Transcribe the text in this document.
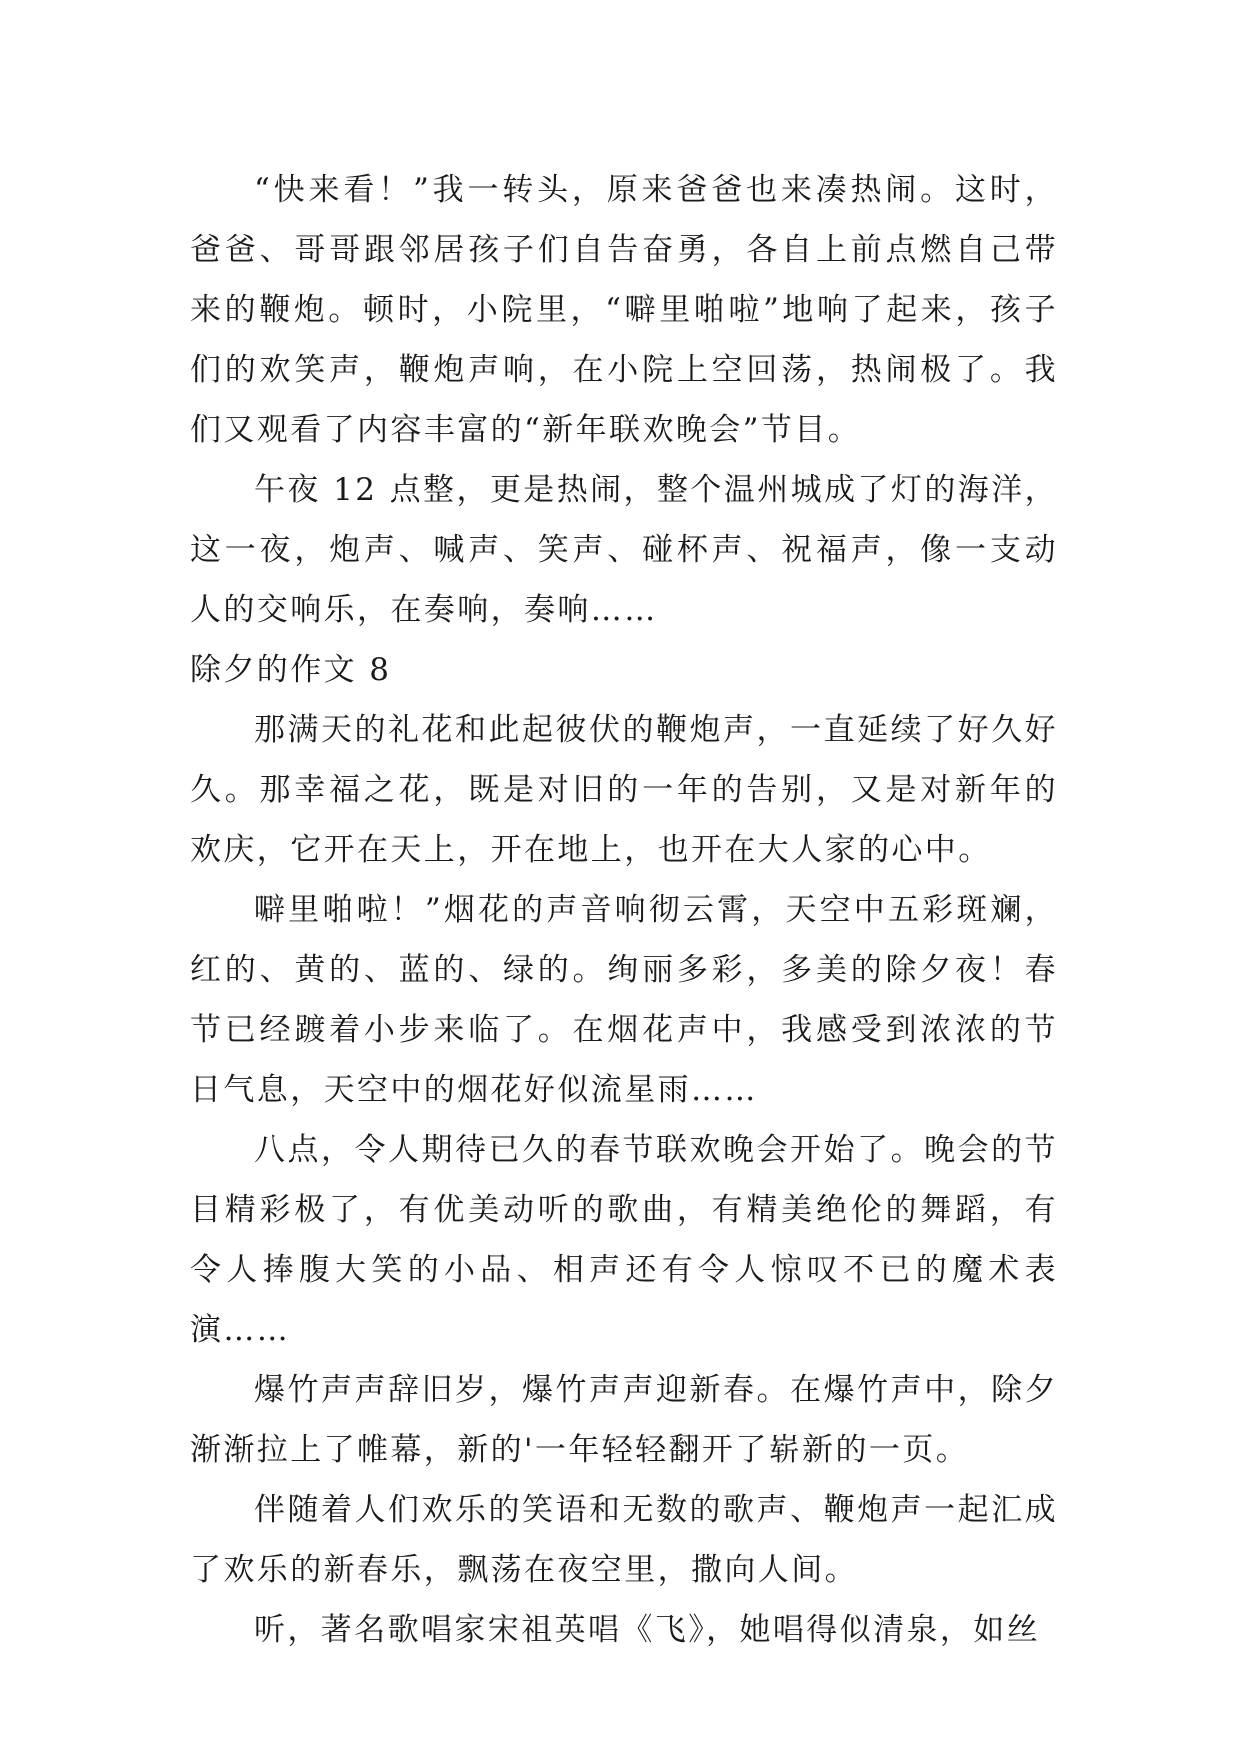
“快来看！”我一转头，原来爸爸也来凑热闹。这时，爸爸、哥哥跟邻居孩子们自告奋勇，各自上前点燃自己带来的鞭炮。顿时，小院里，“噼里啪啦”地响了起来，孩子们的欢笑声，鞭炮声响，在小院上空回荡，热闹极了。我们又观看了内容丰富的“新年联欢晚会”节目。

午夜 12 点整，更是热闹，整个温州城成了灯的海洋，这一夜，炮声、喊声、笑声、碰杯声、祝福声，像一支动人的交响乐，在奏响，奏响……

除夕的作文 8

那满天的礼花和此起彼伏的鞭炮声，一直延续了好久好久。那幸福之花，既是对旧的一年的告别，又是对新年的欢庆，它开在天上，开在地上，也开在大人家的心中。

噼里啪啦！”烟花的声音响彻云霄，天空中五彩斑斓，红的、黄的、蓝的、绿的。绚丽多彩，多美的除夕夜！春节已经踱着小步来临了。在烟花声中，我感受到浓浓的节日气息，天空中的烟花好似流星雨……

八点，令人期待已久的春节联欢晚会开始了。晚会的节目精彩极了，有优美动听的歌曲，有精美绝伦的舞蹈，有令人捧腹大笑的小品、相声还有令人惊叹不已的魔术表演……

爆竹声声辞旧岁，爆竹声声迎新春。在爆竹声中，除夕渐渐拉上了帷幕，新的'一年轻轻翻开了崭新的一页。

伴随着人们欢乐的笑语和无数的歌声、鞭炮声一起汇成了欢乐的新春乐，飘荡在夜空里，撒向人间。

听，著名歌唱家宋祖英唱《飞》，她唱得似清泉，如丝
